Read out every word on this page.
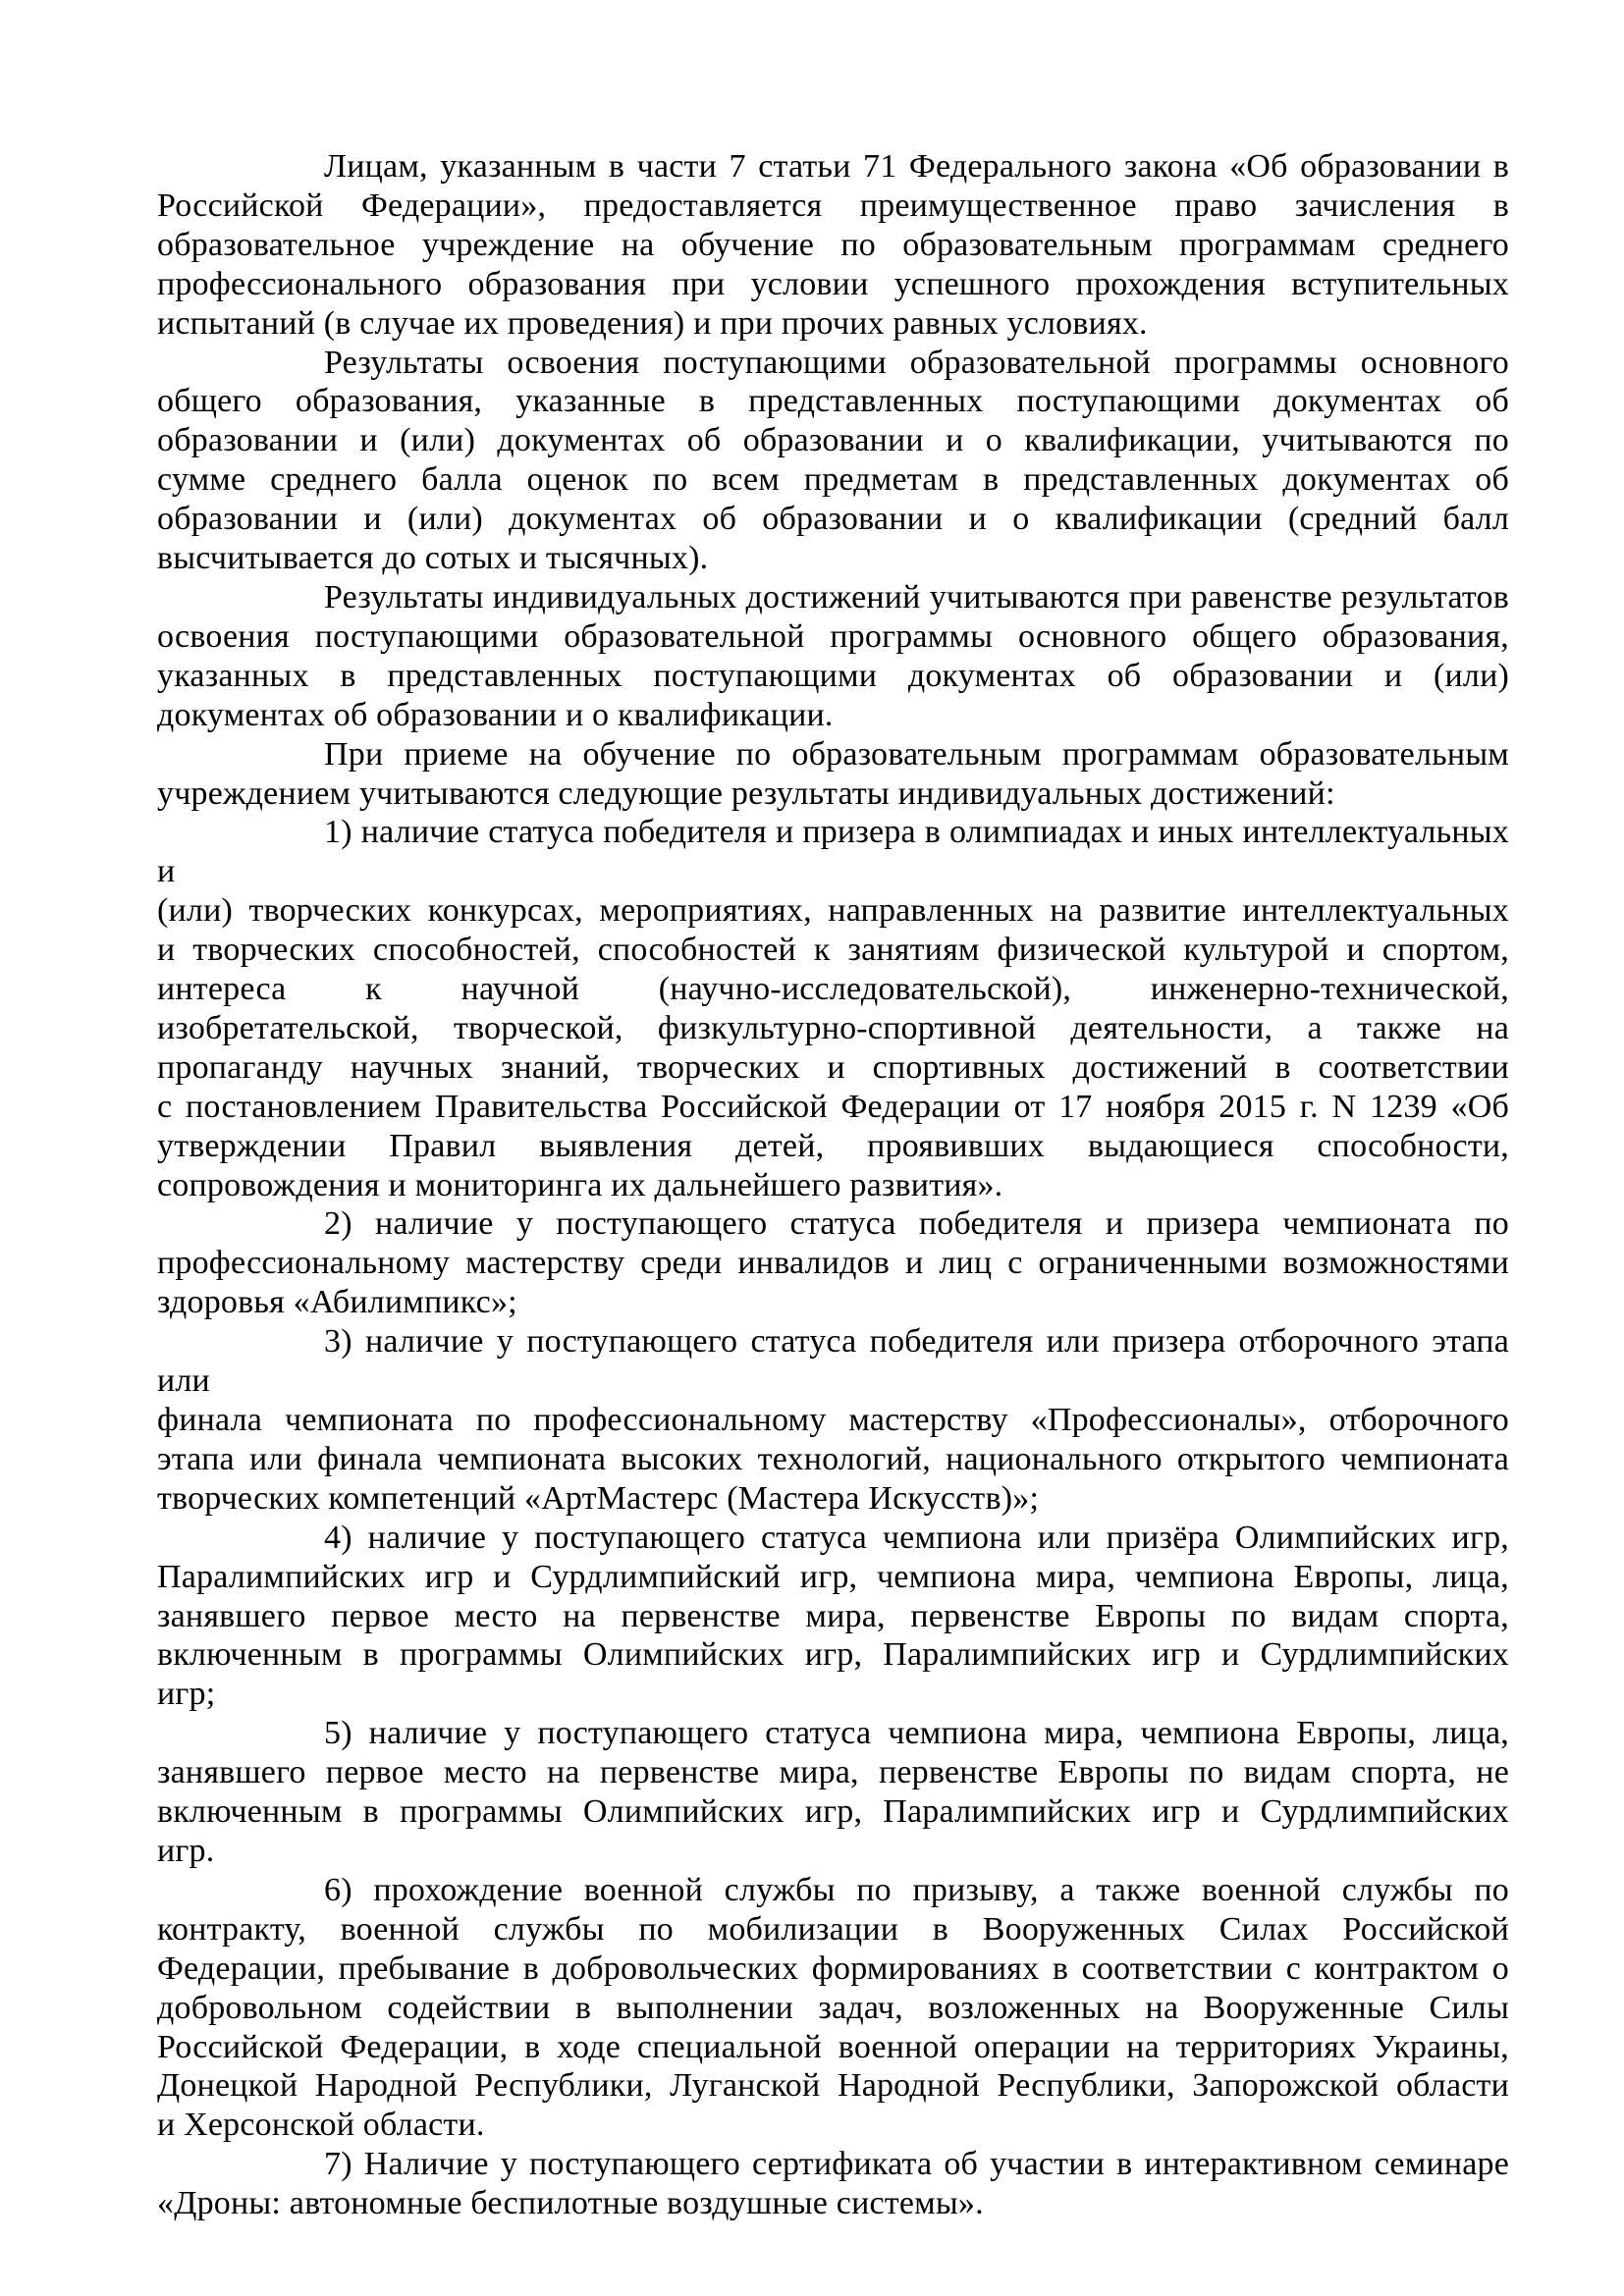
Лицам, указанным в части 7 статьи 71 Федерального закона «Об образовании в
Российской Федерации», предоставляется преимущественное право зачисления в
образовательное учреждение на обучение по образовательным программам среднего
профессионального образования при условии успешного прохождения вступительных
испытаний (в случае их проведения) и при прочих равных условиях.
Результаты освоения поступающими образовательной программы основного
общего образования, указанные в представленных поступающими документах об
образовании и (или) документах об образовании и о квалификации, учитываются по
сумме среднего балла оценок по всем предметам в представленных документах об
образовании и (или) документах об образовании и о квалификации (средний балл
высчитывается до сотых и тысячных).
Результаты индивидуальных достижений учитываются при равенстве результатов
освоения поступающими образовательной программы основного общего образования,
указанных в представленных поступающими документах об образовании и (или)
документах об образовании и о квалификации.
При приеме на обучение по образовательным программам образовательным
учреждением учитываются следующие результаты индивидуальных достижений:
1) наличие статуса победителя и призера в олимпиадах и иных интеллектуальных и
(или) творческих конкурсах, мероприятиях, направленных на развитие интеллектуальных
и творческих способностей, способностей к занятиям физической культурой и спортом,
интереса к научной (научно-исследовательской), инженерно-технической,
изобретательской, творческой, физкультурно-спортивной деятельности, а также на
пропаганду научных знаний, творческих и спортивных достижений в соответствии
с постановлением Правительства Российской Федерации от 17 ноября 2015 г. N 1239 «Об
утверждении Правил выявления детей, проявивших выдающиеся способности,
сопровождения и мониторинга их дальнейшего развития».
2) наличие у поступающего статуса победителя и призера чемпионата по
профессиональному мастерству среди инвалидов и лиц с ограниченными возможностями
здоровья «Абилимпикс»;
3) наличие у поступающего статуса победителя или призера отборочного этапа или
финала чемпионата по профессиональному мастерству «Профессионалы», отборочного
этапа или финала чемпионата высоких технологий, национального открытого чемпионата
творческих компетенций «АртМастерс (Мастера Искусств)»;
4) наличие у поступающего статуса чемпиона или призёра Олимпийских игр,
Паралимпийских игр и Сурдлимпийский игр, чемпиона мира, чемпиона Европы, лица,
занявшего первое место на первенстве мира, первенстве Европы по видам спорта,
включенным в программы Олимпийских игр, Паралимпийских игр и Сурдлимпийских
игр;
5) наличие у поступающего статуса чемпиона мира, чемпиона Европы, лица,
занявшего первое место на первенстве мира, первенстве Европы по видам спорта, не
включенным в программы Олимпийских игр, Паралимпийских игр и Сурдлимпийских
игр.
6) прохождение военной службы по призыву, а также военной службы по
контракту, военной службы по мобилизации в Вооруженных Силах Российской
Федерации, пребывание в добровольческих формированиях в соответствии с контрактом о
добровольном содействии в выполнении задач, возложенных на Вооруженные Силы
Российской Федерации, в ходе специальной военной операции на территориях Украины,
Донецкой Народной Республики, Луганской Народной Республики, Запорожской области
и Херсонской области.
7) Наличие у поступающего сертификата об участии в интерактивном семинаре
«Дроны: автономные беспилотные воздушные системы».
